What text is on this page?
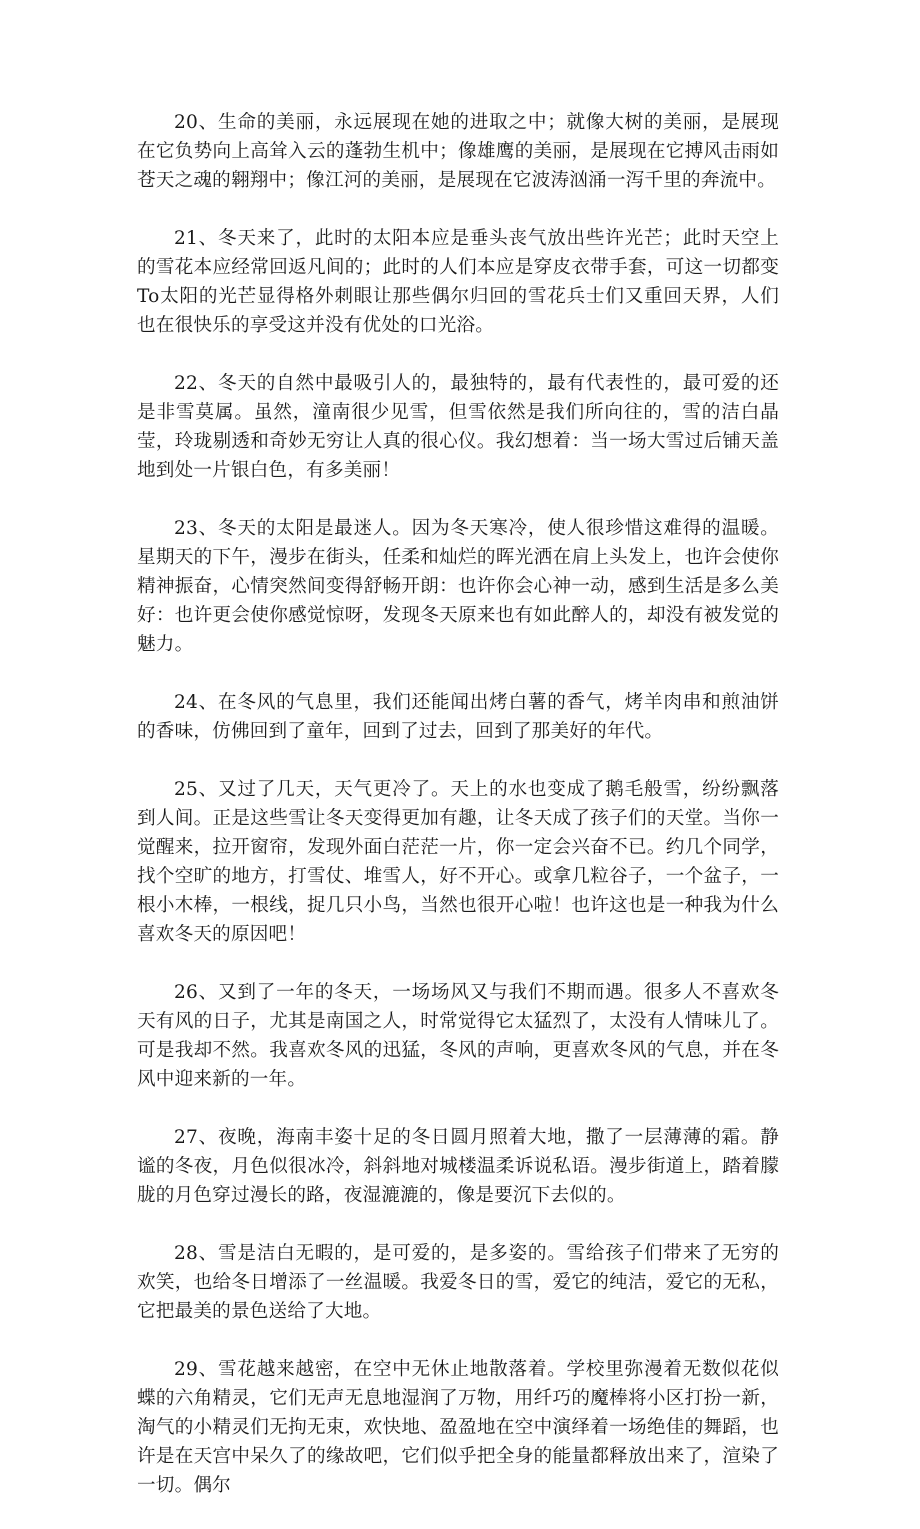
20、生命的美丽，永远展现在她的进取之中；就像大树的美丽，是展现在它负势向上高耸入云的蓬勃生机中；像雄鹰的美丽，是展现在它搏风击雨如苍天之魂的翱翔中；像江河的美丽，是展现在它波涛汹涌一泻千里的奔流中。

21、冬天来了，此时的太阳本应是垂头丧气放出些许光芒；此时天空上的雪花本应经常回返凡间的；此时的人们本应是穿皮衣带手套，可这一切都变To太阳的光芒显得格外刺眼让那些偶尔归回的雪花兵士们又重回天界，人们也在很快乐的享受这并没有优处的口光浴。

22、冬天的自然中最吸引人的，最独特的，最有代表性的，最可爱的还是非雪莫属。虽然，潼南很少见雪，但雪依然是我们所向往的，雪的洁白晶莹，玲珑剔透和奇妙无穷让人真的很心仪。我幻想着：当一场大雪过后铺天盖地到处一片银白色，有多美丽！

23、冬天的太阳是最迷人。因为冬天寒冷，使人很珍惜这难得的温暖。星期天的下午，漫步在街头，任柔和灿烂的晖光洒在肩上头发上，也许会使你精神振奋，心情突然间变得舒畅开朗：也许你会心神一动，感到生活是多么美好：也许更会使你感觉惊呀，发现冬天原来也有如此醉人的，却没有被发觉的魅力。

24、在冬风的气息里，我们还能闻出烤白薯的香气，烤羊肉串和煎油饼的香味，仿佛回到了童年，回到了过去，回到了那美好的年代。

25、又过了几天，天气更冷了。天上的水也变成了鹅毛般雪，纷纷飘落到人间。正是这些雪让冬天变得更加有趣，让冬天成了孩子们的天堂。当你一觉醒来，拉开窗帘，发现外面白茫茫一片，你一定会兴奋不已。约几个同学，找个空旷的地方，打雪仗、堆雪人，好不开心。或拿几粒谷子，一个盆子，一根小木棒，一根线，捉几只小鸟，当然也很开心啦！也许这也是一种我为什么喜欢冬天的原因吧！

26、又到了一年的冬天，一场场风又与我们不期而遇。很多人不喜欢冬天有风的日子，尤其是南国之人，时常觉得它太猛烈了，太没有人情味儿了。可是我却不然。我喜欢冬风的迅猛，冬风的声响，更喜欢冬风的气息，并在冬风中迎来新的一年。

27、夜晚，海南丰姿十足的冬日圆月照着大地，撒了一层薄薄的霜。静谧的冬夜，月色似很冰冷，斜斜地对城楼温柔诉说私语。漫步街道上，踏着朦胧的月色穿过漫长的路，夜湿漉漉的，像是要沉下去似的。

28、雪是洁白无暇的，是可爱的，是多姿的。雪给孩子们带来了无穷的欢笑，也给冬日增添了一丝温暖。我爱冬日的雪，爱它的纯洁，爱它的无私，它把最美的景色送给了大地。

29、雪花越来越密，在空中无休止地散落着。学校里弥漫着无数似花似蝶的六角精灵，它们无声无息地湿润了万物，用纤巧的魔棒将小区打扮一新，淘气的小精灵们无拘无束，欢快地、盈盈地在空中演绎着一场绝佳的舞蹈，也许是在天宫中呆久了的缘故吧，它们似乎把全身的能量都释放出来了，渲染了一切。偶尔
